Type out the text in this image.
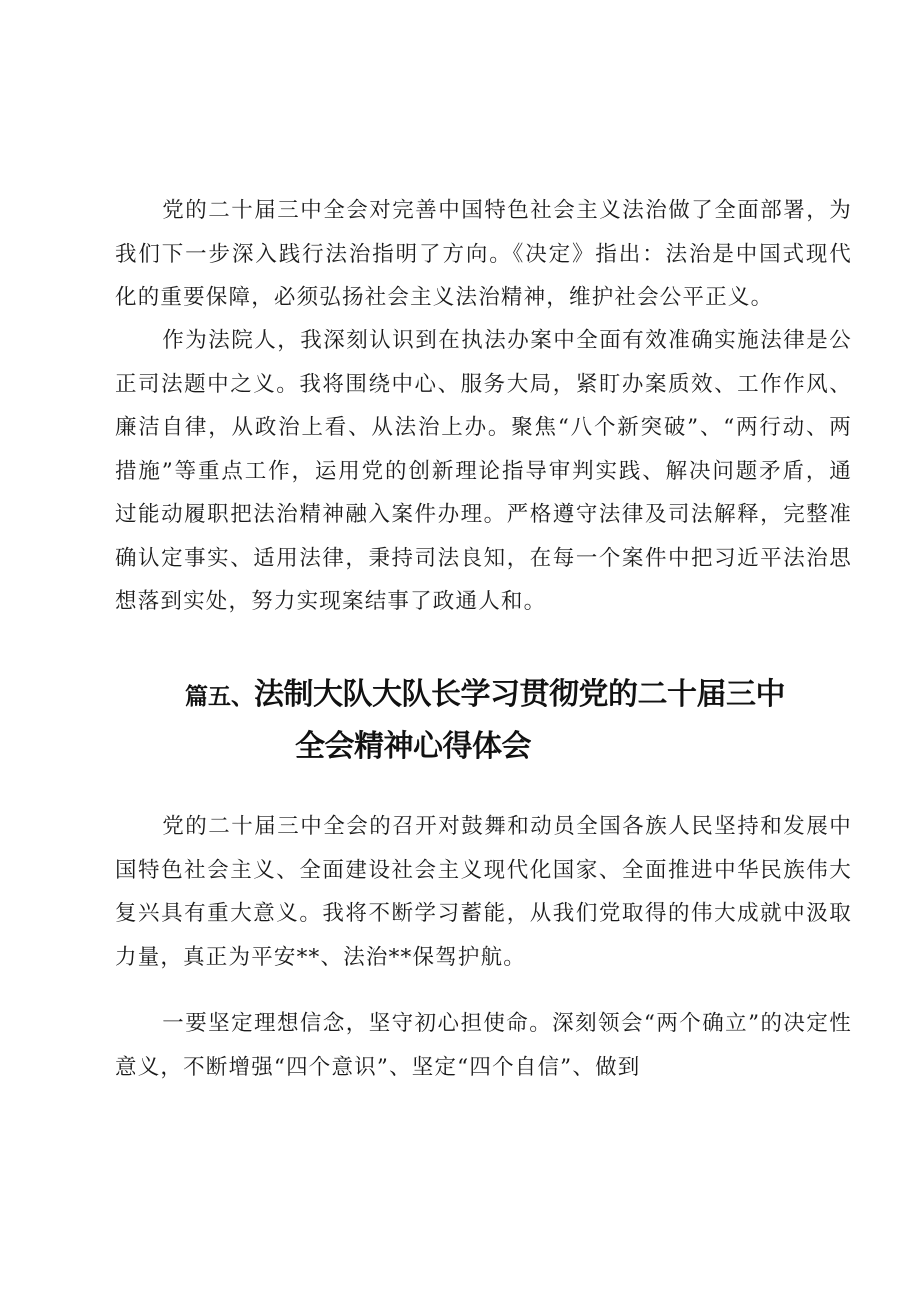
党的二十届三中全会对完善中国特色社会主义法治做了全面部署，为我们下一步深入践行法治指明了方向。《决定》指出：法治是中国式现代化的重要保障，必须弘扬社会主义法治精神，维护社会公平正义。

作为法院人，我深刻认识到在执法办案中全面有效准确实施法律是公正司法题中之义。我将围绕中心、服务大局，紧盯办案质效、工作作风、廉洁自律，从政治上看、从法治上办。聚焦“八个新突破”、“两行动、两措施”等重点工作，运用党的创新理论指导审判实践、解决问题矛盾，通过能动履职把法治精神融入案件办理。严格遵守法律及司法解释，完整准确认定事实、适用法律，秉持司法良知，在每一个案件中把习近平法治思想落到实处，努力实现案结事了政通人和。

篇五、法制大队大队长学习贯彻党的二十届三中
全会精神心得体会

党的二十届三中全会的召开对鼓舞和动员全国各族人民坚持和发展中国特色社会主义、全面建设社会主义现代化国家、全面推进中华民族伟大复兴具有重大意义。我将不断学习蓄能，从我们党取得的伟大成就中汲取力量，真正为平安**、法治**保驾护航。

一要坚定理想信念，坚守初心担使命。深刻领会“两个确立”的决定性意义，不断增强“四个意识”、坚定“四个自信”、做到
